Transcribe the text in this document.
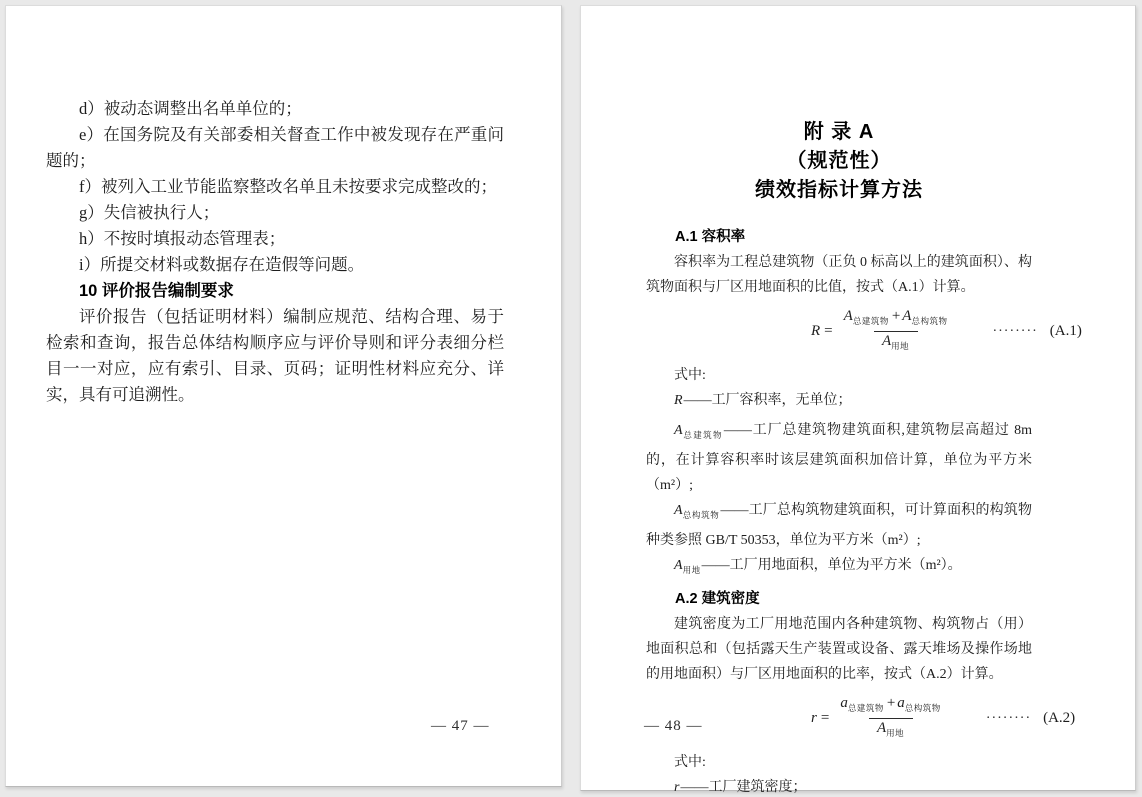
d）被动态调整出名单单位的；

e）在国务院及有关部委相关督查工作中被发现存在严重问题的；

f）被列入工业节能监察整改名单且未按要求完成整改的；

g）失信被执行人；

h）不按时填报动态管理表；

i）所提交材料或数据存在造假等问题。

10 评价报告编制要求

评价报告（包括证明材料）编制应规范、结构合理、易于检索和查询，报告总体结构顺序应与评价导则和评分表细分栏目一一对应，应有索引、目录、页码；证明性材料应充分、详实，具有可追溯性。

— 47 —
附 录 A
（规范性）
绩效指标计算方法

A.1 容积率

容积率为工程总建筑物（正负 0 标高以上的建筑面积）、构筑物面积与厂区用地面积的比值，按式（A.1）计算。

$R = \frac{A_{总建筑物} + A_{总构筑物}}{A_{用地}}$	········ (A.1)

式中:

R——工厂容积率，无单位；

$A_{总建筑物}——$工厂总建筑物建筑面积,建筑物层高超过 8m 的，在计算容积率时该层建筑面积加倍计算，单位为平方米（m²）;

$A_{总构筑物}——$工厂总构筑物建筑面积，可计算面积的构筑物种类参照 GB/T 50353，单位为平方米（m²）;

$A_{用地}——$工厂用地面积，单位为平方米（m²）。

A.2 建筑密度

建筑密度为工厂用地范围内各种建筑物、构筑物占（用）地面积总和（包括露天生产装置或设备、露天堆场及操作场地的用地面积）与厂区用地面积的比率，按式（A.2）计算。

$r = \frac{a_{总建筑物} + a_{总构筑物}}{A_{用地}}$	········ (A.2)

式中:

r——工厂建筑密度；

— 48 —
